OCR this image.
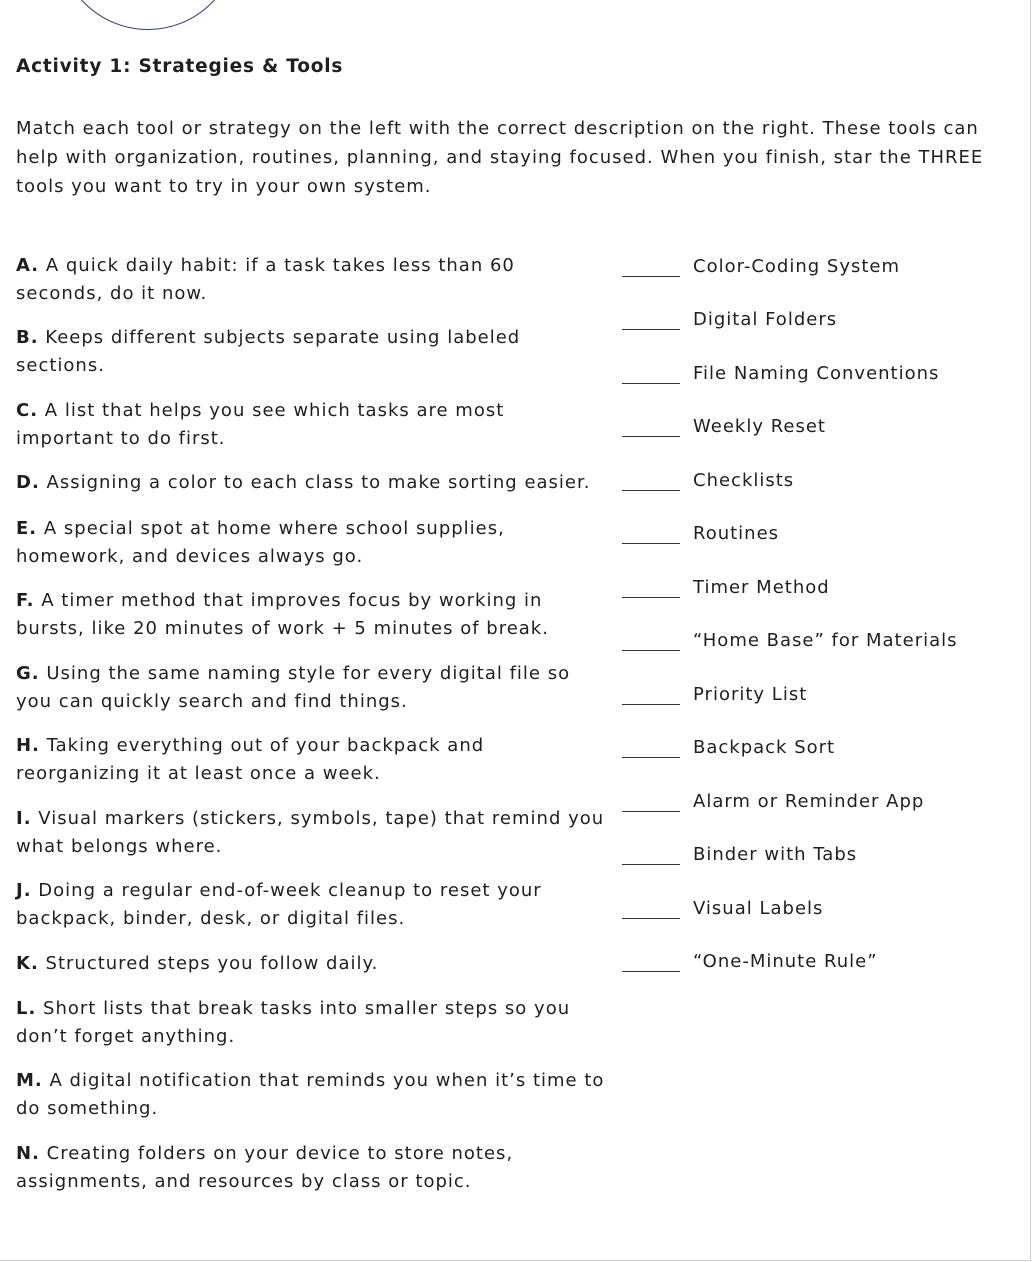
Activity 1: Strategies & Tools

Match each tool or strategy on the left with the correct description on the right. These tools can help with organization, routines, planning, and staying focused. When you finish, star the THREE tools you want to try in your own system.

A. A quick daily habit: if a task takes less than 60 seconds, do it now.

B. Keeps different subjects separate using labeled sections.

C. A list that helps you see which tasks are most important to do first.

D. Assigning a color to each class to make sorting easier.

E. A special spot at home where school supplies, homework, and devices always go.

F. A timer method that improves focus by working in bursts, like 20 minutes of work + 5 minutes of break.

G. Using the same naming style for every digital file so you can quickly search and find things.

H. Taking everything out of your backpack and reorganizing it at least once a week.

I. Visual markers (stickers, symbols, tape) that remind you what belongs where.

J. Doing a regular end-of-week cleanup to reset your backpack, binder, desk, or digital files.

K. Structured steps you follow daily.

L. Short lists that break tasks into smaller steps so you don’t forget anything.

M. A digital notification that reminds you when it’s time to do something.

N. Creating folders on your device to store notes, assignments, and resources by class or topic.

Color-Coding System
Digital Folders
File Naming Conventions
Weekly Reset
Checklists
Routines
Timer Method
“Home Base” for Materials
Priority List
Backpack Sort
Alarm or Reminder App
Binder with Tabs
Visual Labels
“One-Minute Rule”
